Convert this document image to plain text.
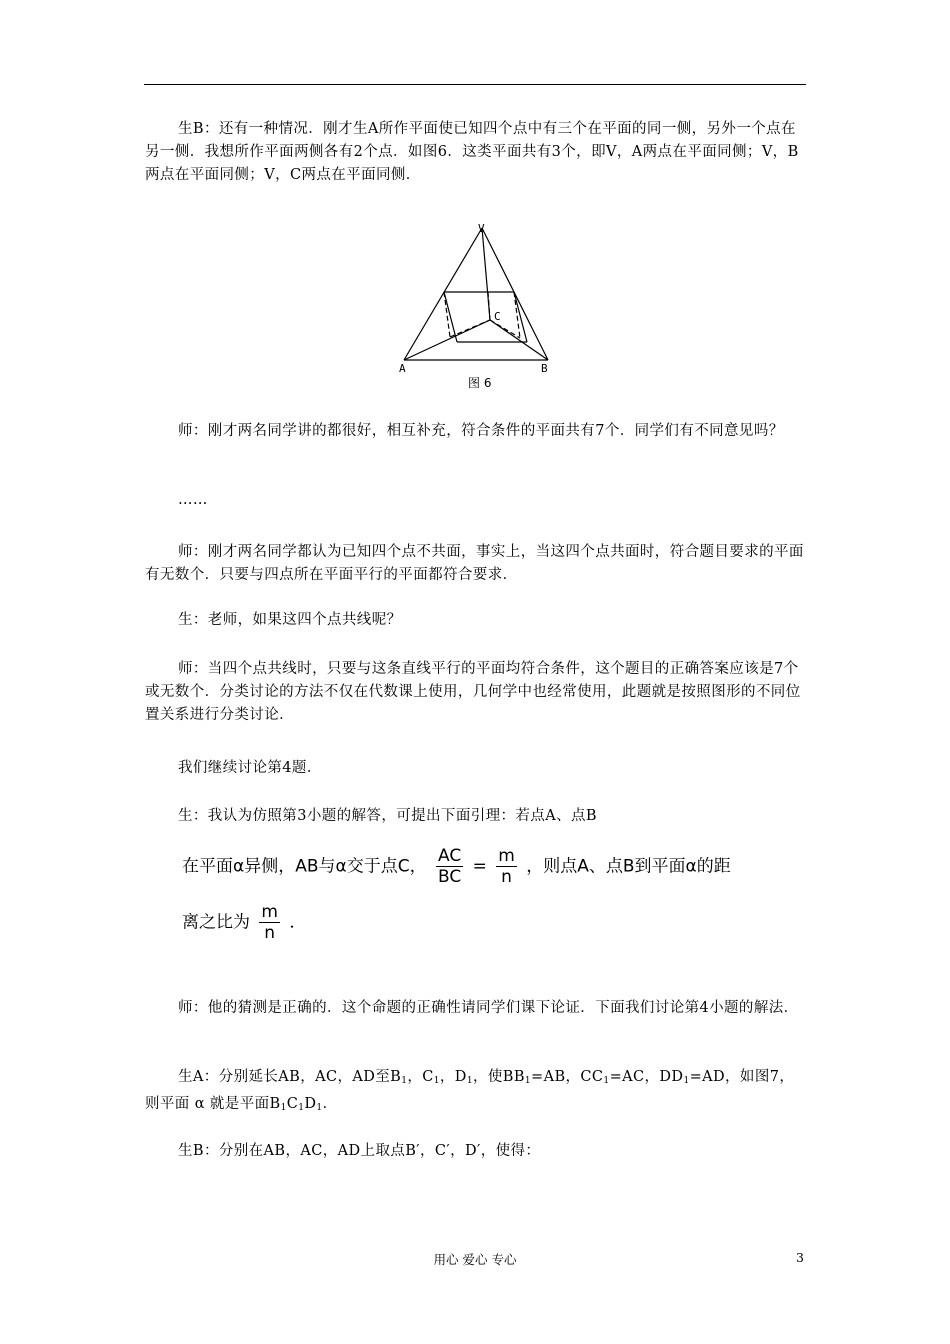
生B：还有一种情况．刚才生A所作平面使已知四个点中有三个在平面的同一侧，另外一个点在另一侧．我想所作平面两侧各有2个点．如图6．这类平面共有3个，即V，A两点在平面同侧；V，B两点在平面同侧；V，C两点在平面同侧．

V
A	B
C
图 6

师：刚才两名同学讲的都很好，相互补充，符合条件的平面共有7个．同学们有不同意见吗？

……

师：刚才两名同学都认为已知四个点不共面，事实上，当这四个点共面时，符合题目要求的平面有无数个．只要与四点所在平面平行的平面都符合要求．

生：老师，如果这四个点共线呢？

师：当四个点共线时，只要与这条直线平行的平面均符合条件，这个题目的正确答案应该是7个或无数个．分类讨论的方法不仅在代数课上使用，几何学中也经常使用，此题就是按照图形的不同位置关系进行分类讨论．

我们继续讨论第4题．

生：我认为仿照第3小题的解答，可提出下面引理：若点A、点B

在平面α异侧，AB与α交于点C， $\frac{AC}{BC} = \frac{m}{n}$ ，则点A、点B到平面α的距
离之比为 $\frac{m}{n}$ ．

师：他的猜测是正确的．这个命题的正确性请同学们课下论证．下面我们讨论第4小题的解法．

生A：分别延长AB，AC，AD至$B_1$，$C_1$，$D_1$，使$BB_1=AB$，$CC_1=AC$，$DD_1=AD$，如图7，则平面 α 就是平面$B_1C_1D_1$．

生B：分别在AB，AC，AD上取点B′，C′，D′，使得：

用心 爱心 专心	3
